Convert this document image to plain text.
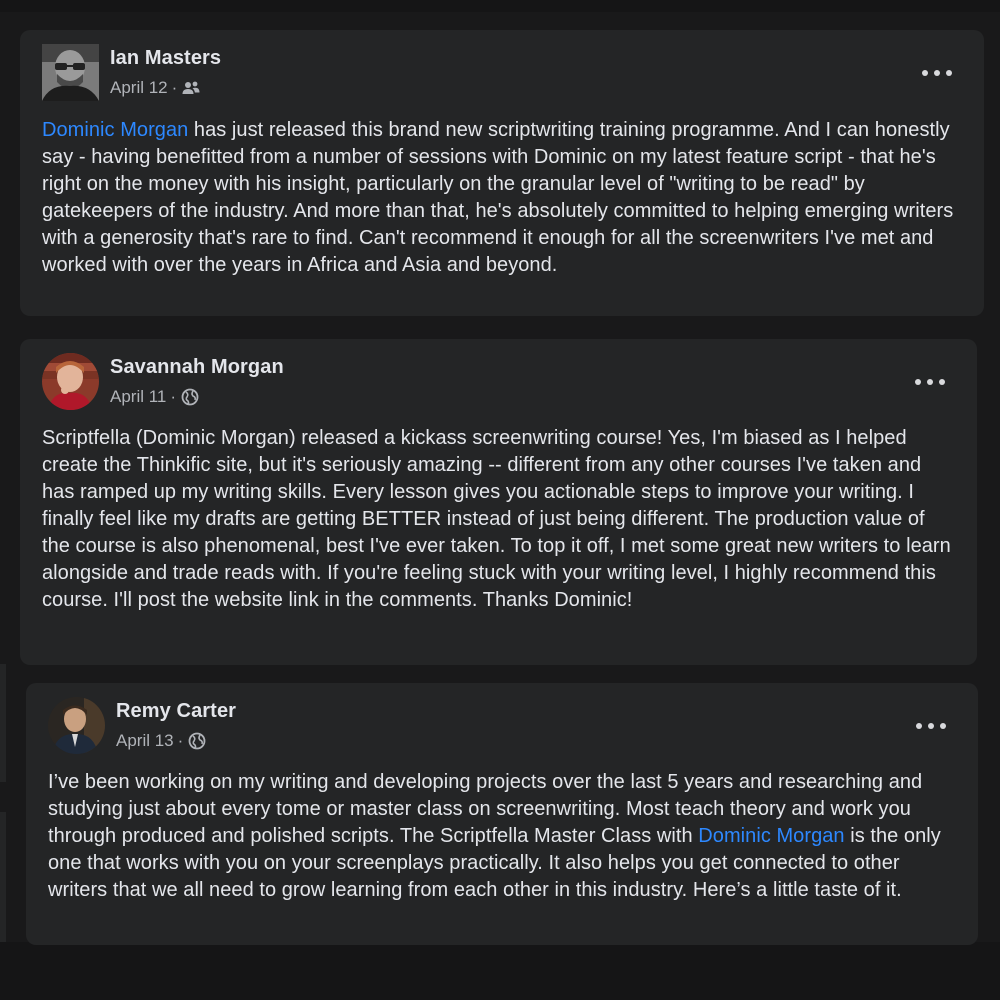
Ian Masters
April 12 ·
Dominic Morgan has just released this brand new scriptwriting training programme. And I can honestly say - having benefitted from a number of sessions with Dominic on my latest feature script - that he's right on the money with his insight, particularly on the granular level of "writing to be read" by gatekeepers of the industry. And more than that, he's absolutely committed to helping emerging writers with a generosity that's rare to find. Can't recommend it enough for all the screenwriters I've met and worked with over the years in Africa and Asia and beyond.
Savannah Morgan
April 11 ·
Scriptfella (Dominic Morgan) released a kickass screenwriting course! Yes, I'm biased as I helped create the Thinkific site, but it's seriously amazing -- different from any other courses I've taken and has ramped up my writing skills. Every lesson gives you actionable steps to improve your writing. I finally feel like my drafts are getting BETTER instead of just being different. The production value of the course is also phenomenal, best I've ever taken. To top it off, I met some great new writers to learn alongside and trade reads with. If you're feeling stuck with your writing level, I highly recommend this course. I'll post the website link in the comments. Thanks Dominic!
Remy Carter
April 13 ·
I’ve been working on my writing and developing projects over the last 5 years and researching and studying just about every tome or master class on screenwriting. Most teach theory and work you through produced and polished scripts. The Scriptfella Master Class with Dominic Morgan is the only one that works with you on your screenplays practically. It also helps you get connected to other writers that we all need to grow learning from each other in this industry. Here’s a little taste of it.
